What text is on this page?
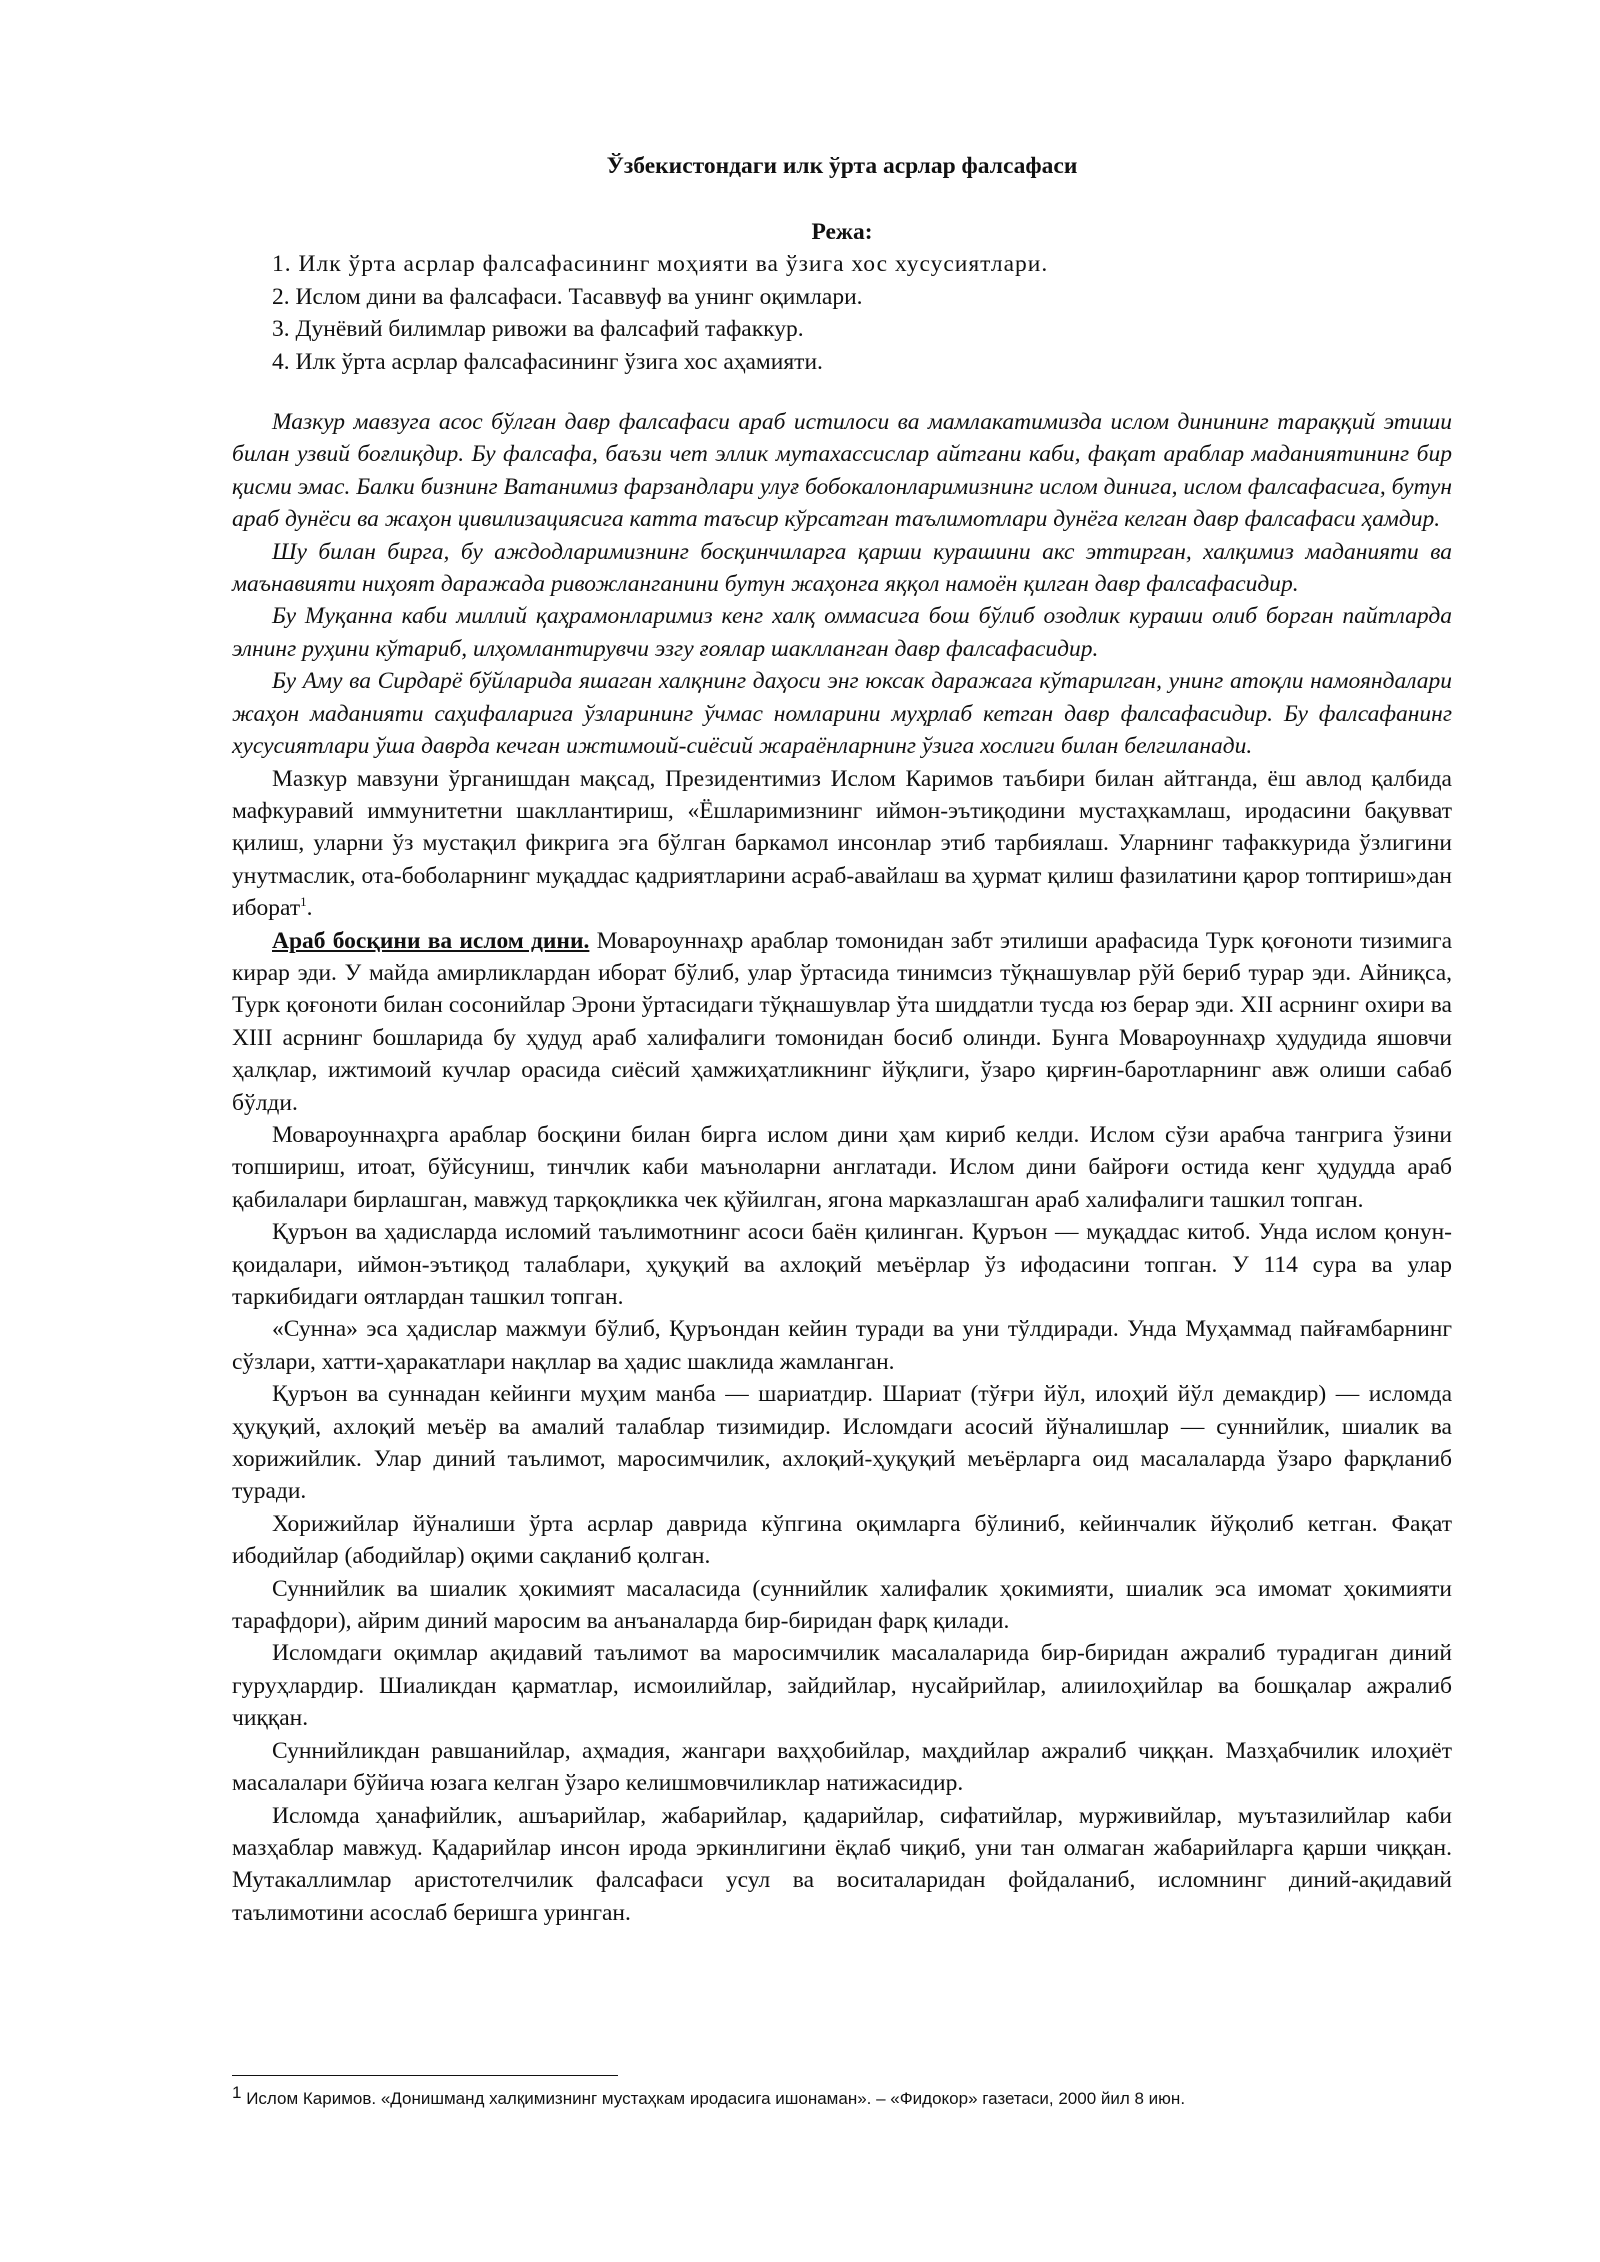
Ўзбекистондаги илк ўрта асрлар фалсафаси

Режа:

1. Илк ўрта асрлар фалсафасининг моҳияти ва ўзига хос хусусиятлари.
2. Ислом дини ва фалсафаси. Тасаввуф ва унинг оқимлари.
3. Дунёвий билимлар ривожи ва фалсафий тафаккур.
4. Илк ўрта асрлар фалсафасининг ўзига хос аҳамияти.

Мазкур мавзуга асос бўлган давр фалсафаси араб истилоси ва мамлакатимизда ислом динининг тараққий этиши билан узвий боғлиқдир. Бу фалсафа, баъзи чет эллик мутахассислар айтгани каби, фақат араблар маданиятининг бир қисми эмас. Балки бизнинг Ватанимиз фарзандлари улуғ бобокалонларимизнинг ислом динига, ислом фалсафасига, бутун араб дунёси ва жаҳон цивилизациясига катта таъсир кўрсатган таълимотлари дунёга келган давр фалсафаси ҳамдир.

Шу билан бирга, бу аждодларимизнинг босқинчиларга қарши курашини акс эттирган, халқимиз маданияти ва маънавияти ниҳоят даражада ривожланганини бутун жаҳонга яққол намоён қилган давр фалсафасидир.

Бу Муқанна каби миллий қаҳрамонларимиз кенг халқ оммасига бош бўлиб озодлик кураши олиб борган пайтларда элнинг руҳини кўтариб, илҳомлантирувчи эзгу ғоялар шаклланган давр фалсафасидир.

Бу Аму ва Сирдарё бўйларида яшаган халқнинг даҳоси энг юксак даражага кўтарилган, унинг атоқли намояндалари жаҳон маданияти саҳифаларига ўзларининг ўчмас номларини муҳрлаб кетган давр фалсафасидир. Бу фалсафанинг хусусиятлари ўша даврда кечган ижтимоий-сиёсий жараёнларнинг ўзига хослиги билан белгиланади.

Мазкур мавзуни ўрганишдан мақсад, Президентимиз Ислом Каримов таъбири билан айтганда, ёш авлод қалбида мафкуравий иммунитетни шакллантириш, «Ёшларимизнинг иймон-эътиқодини мустаҳкамлаш, иродасини бақувват қилиш, уларни ўз мустақил фикрига эга бўлган баркамол инсонлар этиб тарбиялаш. Уларнинг тафаккурида ўзлигини унутмаслик, ота-боболарнинг муқаддас қадриятларини асраб-авайлаш ва ҳурмат қилиш фазилатини қарор топтириш»дан иборат$^1$.

Араб босқини ва ислом дини. Мовароуннаҳр араблар томонидан забт этилиши арафасида Турк қоғоноти тизимига кирар эди. У майда амирликлардан иборат бўлиб, улар ўртасида тинимсиз тўқнашувлар рўй бериб турар эди. Айниқса, Турк қоғоноти билан сосонийлар Эрони ўртасидаги тўқнашувлар ўта шиддатли тусда юз берар эди. XII асрнинг охири ва XIII асрнинг бошларида бу ҳудуд араб халифалиги томонидан босиб олинди. Бунга Мовароуннаҳр ҳудудида яшовчи ҳалқлар, ижтимоий кучлар орасида сиёсий ҳамжиҳатликнинг йўқлиги, ўзаро қирғин-баротларнинг авж олиши сабаб бўлди.

Мовароуннаҳрга араблар босқини билан бирга ислом дини ҳам кириб келди. Ислом сўзи арабча тангрига ўзини топшириш, итоат, бўйсуниш, тинчлик каби маъноларни англатади. Ислом дини байроғи остида кенг ҳудудда араб қабилалари бирлашган, мавжуд тарқоқликка чек қўйилган, ягона марказлашган араб халифалиги ташкил топган.

Қуръон ва ҳадисларда исломий таълимотнинг асоси баён қилинган. Қуръон — муқаддас китоб. Унда ислом қонун-қоидалари, иймон-эътиқод талаблари, ҳуқуқий ва ахлоқий меъёрлар ўз ифодасини топган. У 114 сура ва улар таркибидаги оятлардан ташкил топган.

«Сунна» эса ҳадислар мажмуи бўлиб, Қуръондан кейин туради ва уни тўлдиради. Унда Муҳаммад пайғамбарнинг сўзлари, хатти-ҳаракатлари нақллар ва ҳадис шаклида жамланган.

Қуръон ва суннадан кейинги муҳим манба — шариатдир. Шариат (тўғри йўл, илоҳий йўл демакдир) — исломда ҳуқуқий, ахлоқий меъёр ва амалий талаблар тизимидир. Исломдаги асосий йўналишлар — суннийлик, шиалик ва хорижийлик. Улар диний таълимот, маросимчилик, ахлоқий-ҳуқуқий меъёрларга оид масалаларда ўзаро фарқланиб туради.

Хорижийлар йўналиши ўрта асрлар даврида кўпгина оқимларга бўлиниб, кейинчалик йўқолиб кетган. Фақат ибодийлар (абодийлар) оқими сақланиб қолган.

Суннийлик ва шиалик ҳокимият масаласида (суннийлик халифалик ҳокимияти, шиалик эса имомат ҳокимияти тарафдори), айрим диний маросим ва анъаналарда бир-биридан фарқ қилади.

Исломдаги оқимлар ақидавий таълимот ва маросимчилик масалаларида бир-биридан ажралиб турадиган диний гуруҳлардир. Шиаликдан қарматлар, исмоилийлар, зайдийлар, нусайрийлар, алиилоҳийлар ва бошқалар ажралиб чиққан.

Суннийликдан равшанийлар, аҳмадия, жангари ваҳҳобийлар, маҳдийлар ажралиб чиққан. Мазҳабчилик илоҳиёт масалалари бўйича юзага келган ўзаро келишмовчиликлар натижасидир.

Исломда ҳанафийлик, ашъарийлар, жабарийлар, қадарийлар, сифатийлар, мурживийлар, муътазилийлар каби мазҳаблар мавжуд. Қадарийлар инсон ирода эркинлигини ёқлаб чиқиб, уни тан олмаган жабарийларга қарши чиққан. Мутакаллимлар аристотелчилик фалсафаси усул ва воситаларидан фойдаланиб, исломнинг диний-ақидавий таълимотини асослаб беришга уринган.

$^1$ Ислом Каримов. «Донишманд халқимизнинг мустаҳкам иродасига ишонаман». – «Фидокор» газетаси, 2000 йил 8 июн.
